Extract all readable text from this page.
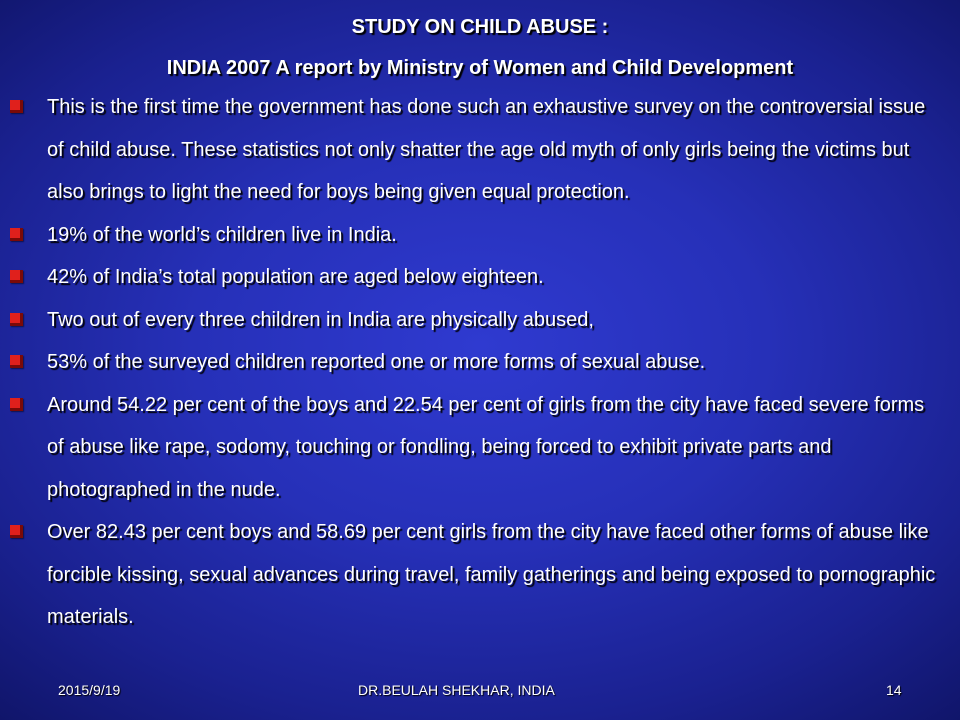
STUDY ON CHILD ABUSE :
INDIA 2007 A report by Ministry of Women and Child Development
This is the first time the government has done such an exhaustive survey on the controversial issue of child abuse. These statistics not only shatter the age old myth of only girls being the victims but also brings to light the need for boys being given equal protection.
19% of the world’s children live in India.
42% of India’s total population are aged below eighteen.
Two out of every three children in India are physically abused,
53% of the surveyed children reported one or more forms of sexual abuse.
Around 54.22 per cent of the boys and 22.54 per cent of girls from the city have faced severe forms of abuse like rape, sodomy, touching or fondling, being forced to exhibit private parts and photographed in the nude.
Over 82.43 per cent boys and 58.69 per cent girls from the city have faced other forms of abuse like forcible kissing, sexual advances during travel, family gatherings and being exposed to pornographic materials.
2015/9/19	DR.BEULAH SHEKHAR, INDIA	14
